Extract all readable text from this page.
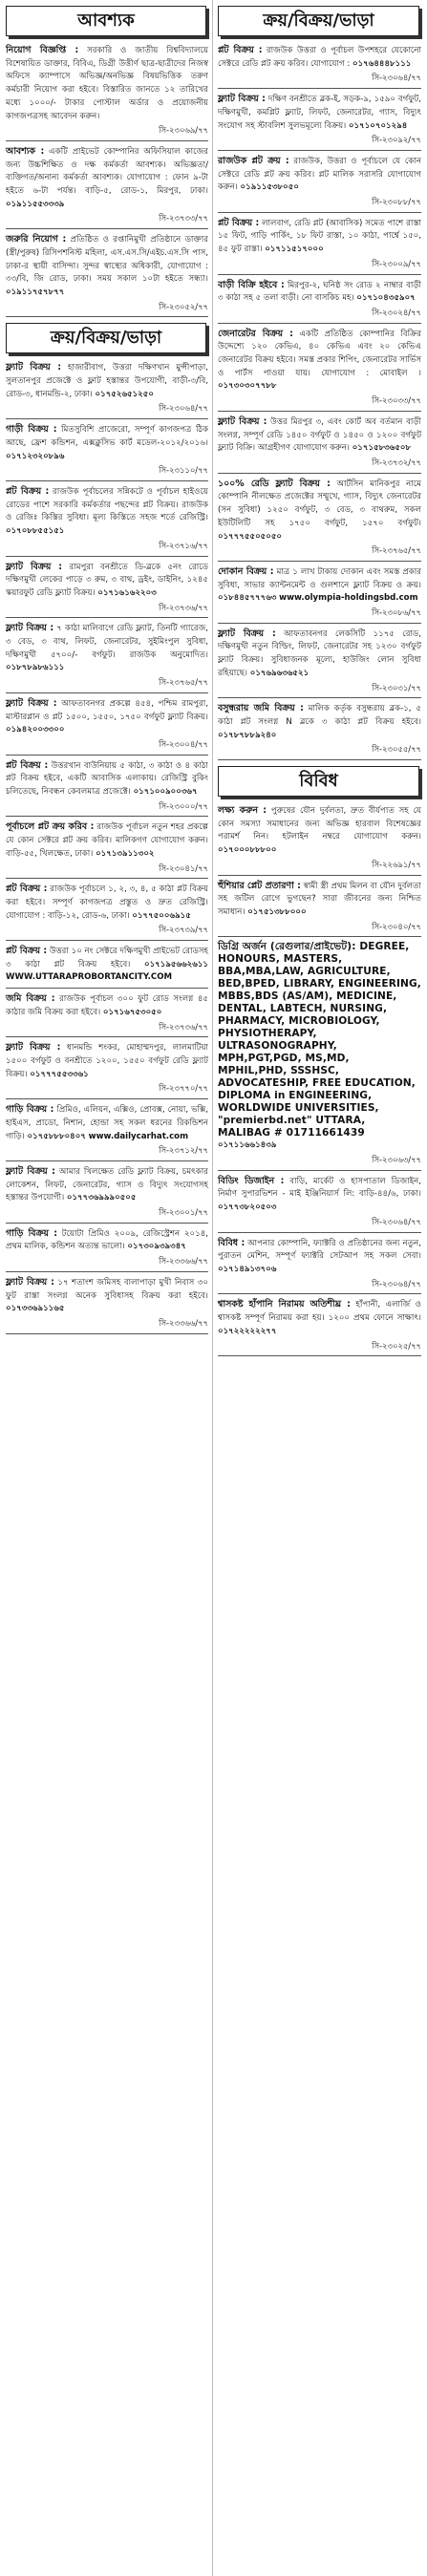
আবশ্যক
নিয়োগ বিজ্ঞপ্তি : সরকারি ও জাতীয় বিশ্ববিদ্যালয়ে বিশেষায়িত ডাক্তার, বিবিএ, ডিগ্রী উত্তীর্ণ ছাত্র-ছাত্রীদের নিজস্ব অফিসে ক্যাম্পাসে অভিজ্ঞ/অনভিজ্ঞ বিষয়ভিত্তিক তরুণ কর্মচারী নিয়োগ করা হইবে। বিস্তারিত জানতে ১২ তারিখের মধ্যে ১০০০/- টাকার পোস্টাল অর্ডার ও প্রয়োজনীয় কাগজপত্রসহ আবেদন করুন।
সি-২৩০৬৯/৭৭
আবশ্যক : একটি প্রাইভেট কোম্পানির অফিসিয়াল কাজের জন্য উচ্চশিক্ষিত ও দক্ষ কর্মকর্তা আবশ্যক। অভিজ্ঞতা/ব্যক্তিগত/অনান্য কর্মকর্তা আবশ্যক। যোগাযোগ : ফোন ৯-টা হইতে ৬-টা পর্যন্ত। বাড়ি-৫, রোড-১, মিরপুর, ঢাকা। ০১৯১১৫৫৩৩৩৯
সি-২৩৭৩৩/৭৭
জরুরি নিয়োগ : প্রতিষ্ঠিত ও রপ্তানিমুখী প্রতিষ্ঠানে ডাক্তার (স্ত্রী/পুরুষ) রিসিপশনিস্ট মহিলা, এস.এস.সি/এইচ.এস.সি পাস, ঢাকা-র স্থায়ী বাসিন্দা। সুন্দর স্বাস্থ্যের অধিকারী, যোগাযোগ : ৩৩/বি, জি রোড, ঢাকা। সময় সকাল ১০টা হইতে সন্ধ্যা। ০১৯১১৭৫৭৮৭৭
সি-২৩০৫২/৭৭
ক্রয়/বিক্রয়/ভাড়া
ফ্ল্যাট বিক্রয় : হাজারীবাগ, উত্তরা দক্ষিণখান মুন্সীপাড়া, সুলতানপুর প্রজেক্টে ও ফ্লাট হস্তান্তর উপযোগী, বাড়ী-৩/বি, রোড-৩, ধানমন্ডি-২, ঢাকা। ০১৭৫২৬৫১২৫০
সি-২৩০৬৪/৭৭
গাড়ী বিক্রয় : মিতসুবিশি প্রাজেরো, সম্পূর্ণ কাগজপত্র ঠিক আছে, ফ্রেশ কন্ডিশন, এক্সক্লুসিভ কার্ট মডেল-২০১২/২০১৬। ০১৭১২৩২০৮৯৬
সি-২৩১১০/৭৭
প্লট বিক্রয় : রাজউক পূর্বাচলের সন্নিকটে ও পূর্বাচল হাইওয়ে রোডের পাশে সরকারি কর্মকর্তার পছন্দের প্লট বিক্রয়। রাজউক ও রেজিঃ কিস্তির সুবিধা। মূল্য কিস্তিতে সহজ শর্তে রেজিস্ট্রি। ০১৭০৮৮৫৫১৫১
সি-২৩৭১৬/৭৭
ফ্ল্যাট বিক্রয় : রামপুরা বনশ্রীতে ডি-ব্লকে ৫নং রোডে দক্ষিণমুখী লেকের পাড়ে ৩ রুম, ৩ বাথ, ড্রইং, ডাইনিং, ১২৪৫ স্কয়ারফুট রেডি ফ্ল্যাট বিক্রয়। ০১৭১৬১৬২২০৩
সি-২৩৭৩৬/৭৭
ফ্ল্যাট বিক্রয় : ৭ কাঠা মালিবাগে রেডি ফ্ল্যাট, তিনটি গ্যারেজ, ৩ বেড, ৩ বাথ, লিফট, জেনারেটর, সুইমিংপুল সুবিধা, দক্ষিণমুখী ৫৭০০/- বর্গফুট। রাজউক অনুমোদিত। ০১৮৭৮৯৮৬১১১
সি-২৩৭৬৫/৭৭
ফ্ল্যাট বিক্রয় : আফতাবনগর প্রকল্পে ৪৫৪, পশ্চিম রামপুরা, মাস্টারপ্লান ও প্লট ১৫০০, ১৫৫০, ১৭৫০ বর্গফুট ফ্ল্যাট বিক্রয়। ০১৯৪২০০৩৩০০
সি-২৩০০৪/৭৭
প্লট বিক্রয় : উত্তরখান বাউনিয়ায় ৫ কাঠা, ৩ কাঠা ও ৪ কাঠা প্লট বিক্রয় হইবে, একটি আবাসিক এলাকায়। রেজিস্ট্রি বুকিং চলিতেছে, নিবন্ধন কেবলমাত্র প্রজেক্টে। ০১৭১০০৯০০৩৬৭
সি-২৩০০০/৭৭
পূর্বাচলে প্লট ক্রয় করিব : রাজউক পূর্বাচল নতুন শহর প্রকল্পে যে কোন সেক্টরে প্লট ক্রয় করিব। মালিকগণ যোগাযোগ করুন। বাড়ি-৫৫, খিলক্ষেত, ঢাকা। ০১৭১৩৯১১৩০২
সি-২৩০৪১/৭৭
প্লট বিক্রয় : রাজউক পূর্বাচলে ১, ২, ৩, ৪, ৫ কাঠা প্লট বিক্রয় করা হইবে। সম্পূর্ণ কাগজপত্র প্রস্তুত ও দ্রুত রেজিস্ট্রি। যোগাযোগ : বাড়ি-১২, রোড-৬, ঢাকা। ০১৭৭৫০০৬৯১৫
সি-২৩৭৩৯/৭৭
প্লট বিক্রয় : উত্তরা ১০ নং সেক্টরে দক্ষিণমুখী প্রাইভেট রোডসহ ৩ কাঠা প্লট বিক্রয় হইবে। ০১৭১৯৫৬৬২৬১১ WWW.UTTARAPROBORTANCITY.COM
জমি বিক্রয় : রাজউক পূর্বাচল ৩০০ ফুট রোড সংলগ্ন ৪৫ কাঠার জমি বিক্রয় করা হইবে। ০১৭১৬৭৫৩০৫০
সি-২৩৭৩৬/৭৭
ফ্ল্যাট বিক্রয় : ধানমন্ডি শংকর, মোহাম্মদপুর, লালমাটিয়া ১৫০০ বর্গফুট ও বনশ্রীতে ১২০০, ১৫৫০ বর্গফুট রেডি ফ্ল্যাট বিক্রয়। ০১৭৭৭৫৫৩৩৬১
সি-২৩৭৭০/৭৭
গাড়ি বিক্রয় : প্রিমিও, এলিয়ন, এক্সিও, প্রোবক্স, নোয়া, ভক্সি, হাইএস, প্রাডো, নিশান, হোন্ডা সহ সকল ধরনের রিকন্ডিশন গাড়ি। ০১৭৫৮৮৮০৪০৭ www.dailycarhat.com
সি-২৩৭১২/৭৭
ফ্ল্যাট বিক্রয় : আমার খিলক্ষেত রেডি ফ্ল্যাট বিক্রয়, চমৎকার লোকেশন, লিফট, জেনারেটর, গ্যাস ও বিদ্যুৎ সংযোগসহ হস্তান্তর উপযোগী। ০১৭৭৩৬৯৯৯০৫০৫
সি-২৩০০১/৭৭
গাড়ি বিক্রয় : টয়োটা প্রিমিও ২০০৯, রেজিস্ট্রেশন ২০১৪, প্রথম মালিক, কন্ডিশন অত্যন্ত ভালো। ০১৭৩০৯৩৯৩৪৭
সি-২৩৩৬৬/৭৭
ফ্ল্যাট বিক্রয় : ১৭ শতাংশ জমিসহ বালাপাড়া মুখী নিবাস ৩০ ফুট রাস্তা সংলগ্ন অনেক সুবিধাসহ বিক্রয় করা হইবে। ০১৭৩৩৬৯১১৬৫
সি-২৩৩৬৬/৭৭
ক্রয়/বিক্রয়/ভাড়া
প্লট বিক্রয় : রাজউক উত্তরা ও পূর্বাচল উপশহরে যেকোনো সেক্টরে রেডি প্লট ক্রয় করিব। যোগাযোগ : ০১৭৬৪৪৪৮১১১
সি-২৩০৬৪/৭৭
ফ্ল্যাট বিক্রয় : দক্ষিণ বনশ্রীতে ব্লক-ই, সড়ক-৯, ১৫৯০ বর্গফুট, দক্ষিণমুখী, কমপ্লিট ফ্ল্যাট, লিফট, জেনারেটর, গ্যাস, বিদ্যুৎ সংযোগ সহ স্টাবলিশ সুলভমূল্যে বিক্রয়। ০১৭১০৭০১২৯৪
সি-২৩০৯২/৭৭
রাজউক প্লট ক্রয় : রাজউক, উত্তরা ও পূর্বাচলে যে কোন সেক্টরে রেডি প্লট ক্রয় করিব। প্লট মালিক সরাসরি যোগাযোগ করুন। ০১৯১১৫৩৮০৫০
সি-২৩০৮৮/৭৭
প্লট বিক্রয় : লালবাগ, রেডি প্লট (আবাসিক) সমেত পাশে রাস্তা ১৫ ফিট, গাড়ি পার্কিং, ১৮ ফিট রাস্তা, ১০ কাঠা, পার্শ্বে ১৫০, ৪৫ ফুট রাস্তা। ০১৭১১৫১৭০০০
সি-২৩০০৯/৭৭
বাড়ী বিক্রি হইবে : মিরপুর-২, ঘনিষ্ঠ সং রোড ২ নাম্বার বাড়ী ৩ কাঠা সহ ৫ তলা বাড়ী। নো বাসকিচ মহ। ০১৭১০৪৩৫৯০৭
সি-২৩০২৪/৭৭
জেনারেটর বিক্রয় : একটি প্রতিষ্ঠিত কোম্পানির বিক্রির উদ্দেশ্যে ১২০ কেভিএ, ৪০ কেভিএ এবং ২০ কেভিএ জেনারেটর বিক্রয় হইবে। সমস্ত প্রকার শিপিং, জেনারেটর সার্ভিস ও পার্টস পাওয়া যায়। যোগাযোগ : মোবাইল । ০১৭৩০৩০৭৭৮৮
সি-২৩০৩৩/৭৭
ফ্ল্যাট বিক্রয় : উত্তর মিরপুর ৩, এবং কোর্ট অব বর্তমান বাড়ী সংলগ্ন, সম্পূর্ণ রেডি ১৪৫০ বর্গফুট ও ১৪৫০ ও ১২০০ বর্গফুট ফ্ল্যাট বিক্রি। আগ্রহীগণ যোগাযোগ করুন। ০১৭১৫৮৩৬৫০৮
সি-২৩৭৩২/৭৭
১০০% রেডি ফ্ল্যাট বিক্রয় : আর্টসিন মানিকপুর নামে কোম্পানি নীলক্ষেত প্রজেক্টের সম্মুখে, গ্যাস, বিদ্যুৎ জেনারেটর (সন সুবিধা) ১২৫০ বর্গফুট, ৩ বেড, ৩ বাথরুম, সকল ইউটিলিটি সহ ১৭৫০ বর্গফুট, ১৫৭০ বর্গফুট। ০১৭৭৭৫৫০৫০৫০
সি-২৩৭৬৫/৭৭
দোকান বিক্রয় : মাত্র ১ লাখ টাকায় দোকান এবং সমস্ত প্রকার সুবিধা, সাভার ক্যান্টনমেন্ট ও গুলশানে ফ্ল্যাট বিক্রয় ও ক্রয়। ০১৮৪৪৫৭৭৭৬৩ www.olympia-holdingsbd.com
সি-২৩০৮৬/৭৭
ফ্ল্যাট বিক্রয় : আফতাবনগর লেকসিটি ১১৭৫ রোড, দক্ষিণমুখী নতুন বিল্ডিং, লিফট, জেনারেটর সহ ১২৩০ বর্গফুট ফ্ল্যাট বিক্রয়। সুবিধাজনক মূল্যে, হাউজিং লোন সুবিধা রহিয়াছে। ০১৭৬৯৬৩৬৫২১
সি-২৩০৩১/৭৭
বসুন্ধরায় জমি বিক্রয় : মালিক কর্তৃক বসুন্ধরায় ব্লক-১, ৫ কাঠা প্লট সংলগ্ন N ব্লকে ৩ কাঠা প্লট বিক্রয় হইবে। ০১৭৮৭৮৮৯২৪০
সি-২৩০৫৫/৭৭
বিবিধ
লক্ষ্য করুন : পুরুষের যৌন দুর্বলতা, দ্রুত বীর্যপাত সহ যে কোন সমস্যা সমাধানের জন্য অভিজ্ঞ হারবাল বিশেষজ্ঞের পরামর্শ নিন। হটলাইন নম্বরে যোগাযোগ করুন। ০১৭০০০৮৮৮০০
সি-২২৬৯১/৭৭
হুঁশিয়ার প্লেট প্রতারণা : স্বামী স্ত্রী প্রথম মিলন বা যৌন দুর্বলতা সহ জটিল রোগে ভুগছেন? সারা জীবনের জন্য নিশ্চিত সমাধান। ০১৭৫১৩৮৮০০০
সি-২৩০৪০/৭৭
ডিগ্রি অর্জন (রেগুলার/প্রাইভেট): DEGREE, HONOURS, MASTERS, BBA,MBA,LAW, AGRICULTURE, BED,BPED, LIBRARY, ENGINEERING, MBBS,BDS (AS/AM), MEDICINE, DENTAL, LABTECH, NURSING, PHARMACY, MICROBIOLOGY, PHYSIOTHERAPY, ULTRASONOGRAPHY, MPH,PGT,PGD, MS,MD, MPHIL,PHD, SSSHSC, ADVOCATESHIP, FREE EDUCATION, DIPLOMA in ENGINEERING, WORLDWIDE UNIVERSITIES, "premierbd.net" UTTARA, MALIBAG # 01711661439
০১৭১১৬৬১৪৩৯
সি-২৩০৬৩/৭৭
বিডিং ডিজাইন : বাড়ি, মার্কেট ও হাসপাতাল ডিজাইন, নির্মাণ সুপারভিশন - মাই ইঞ্জিনিয়ার্স লি: বাড়ি-৪৪/৬, ঢাকা। ০১৭৭৩৮২০৫০৩
সি-২৩০৬৪/৭৭
বিবিধ : আপনার কোম্পানি, ফ্যাক্টরি ও প্রতিষ্ঠানের জন্য নতুন, পুরাতন মেশিন, সম্পূর্ণ ফ্যাক্টরি সেটআপ সহ সকল সেবা। ০১৭১৪৯১৩৭০৬
সি-২৩০৬৪/৭৭
শ্বাসকষ্ট হাঁপানি নিরাময় অতিশীঘ্র : হাঁপানী, এলার্জি ও শ্বাসকষ্ট সম্পূর্ণ নিরাময় করা হয়। ১২০০ প্রথম ফোনে সাক্ষাৎ। ০১৭২২২২২২৭৭
সি-২৩০২৫/৭৭
